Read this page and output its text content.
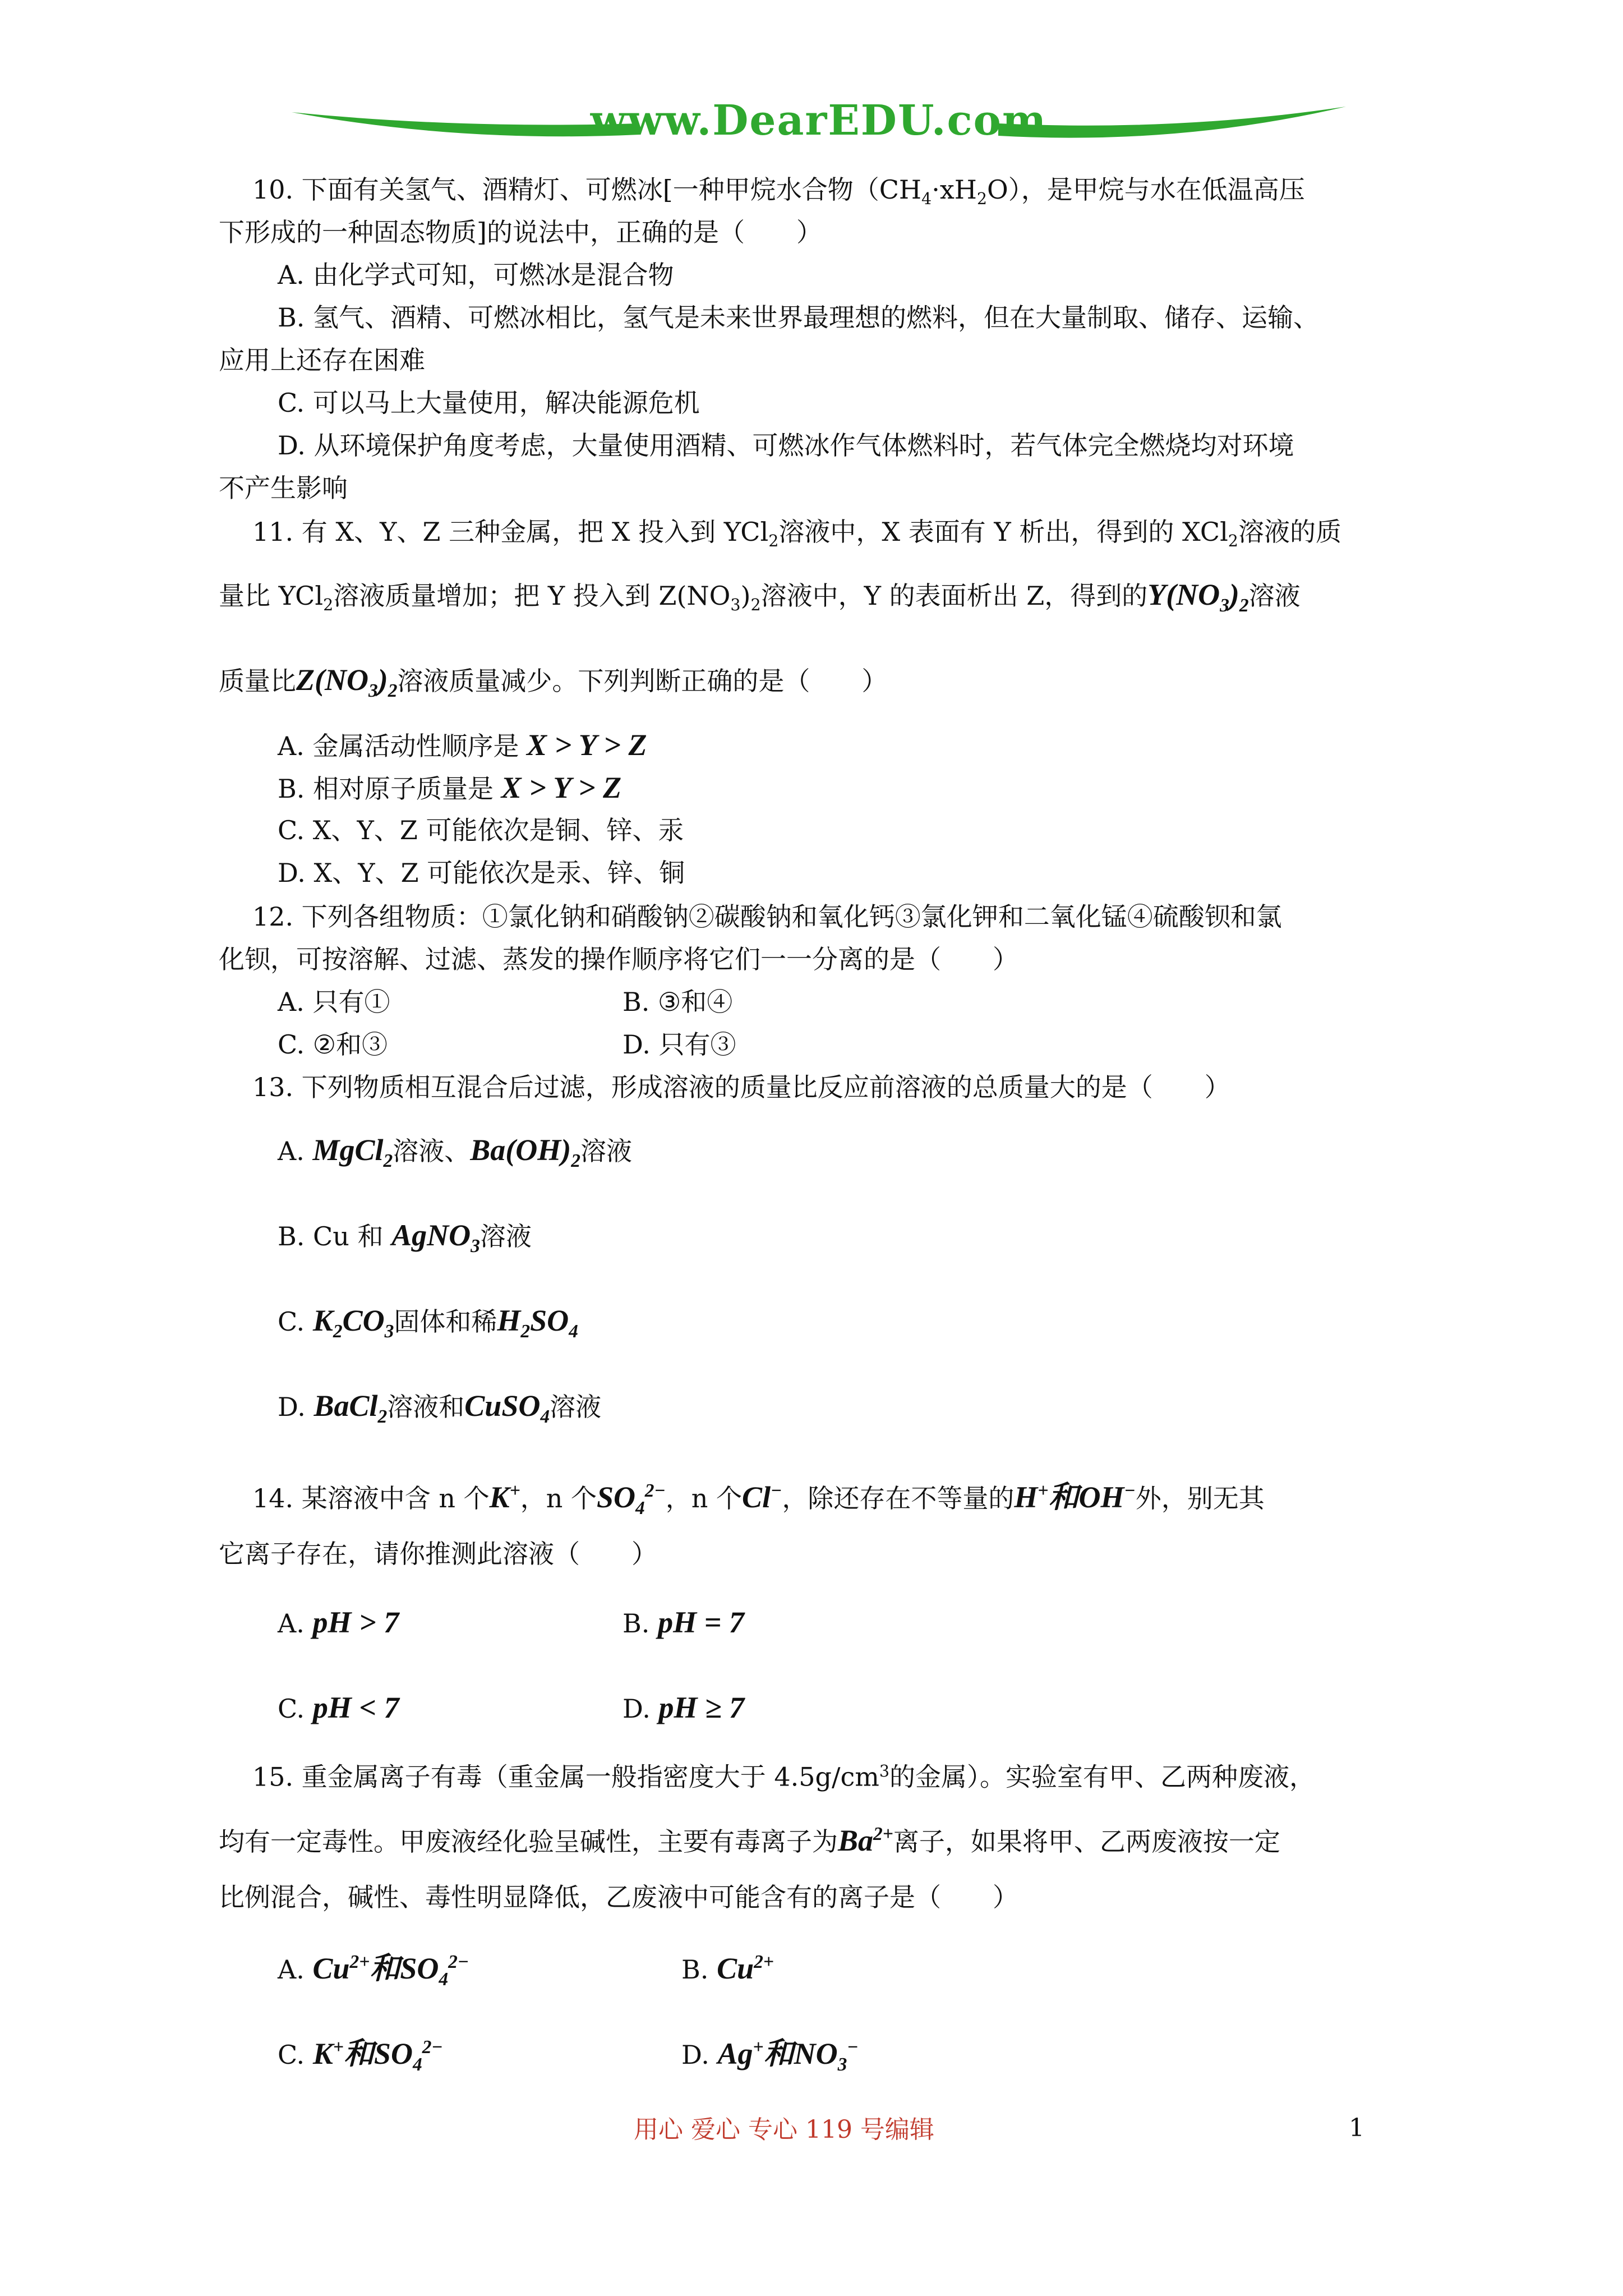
www.DearEDU.com
10. 下面有关氢气、酒精灯、可燃冰[一种甲烷水合物$(CH_4\cdot xH_2O)$，是甲烷与水在低温高压
下形成的一种固态物质]的说法中，正确的是（　　）
A. 由化学式可知，可燃冰是混合物
B. 氢气、酒精、可燃冰相比，氢气是未来世界最理想的燃料，但在大量制取、储存、运输、
应用上还存在困难
C. 可以马上大量使用，解决能源危机
D. 从环境保护角度考虑，大量使用酒精、可燃冰作气体燃料时，若气体完全燃烧均对环境
不产生影响
11. 有 X、Y、Z 三种金属，把 X 投入到 YCl$_2$溶液中，X 表面有 Y 析出，得到的 XCl$_2$溶液的质
量比 YCl$_2$溶液质量增加；把 Y 投入到 $Z(NO_3)_2$溶液中，Y 的表面析出 Z，得到的$Y(NO_3)_2$溶液
质量比$Z(NO_3)_2$溶液质量减少。下列判断正确的是（　　）
A. 金属活动性顺序是 X > Y > Z
B. 相对原子质量是 X > Y > Z
C. X、Y、Z 可能依次是铜、锌、汞
D. X、Y、Z 可能依次是汞、锌、铜
12. 下列各组物质：①氯化钠和硝酸钠②碳酸钠和氧化钙③氯化钾和二氧化锰④硫酸钡和氯
化钡，可按溶解、过滤、蒸发的操作顺序将它们一一分离的是（　　）
A. 只有①	B. ③和④
C. ②和③	D. 只有③
13. 下列物质相互混合后过滤，形成溶液的质量比反应前溶液的总质量大的是（　　）
A. MgCl$_2$溶液、$Ba(OH)_2$溶液
B. Cu 和 AgNO$_3$溶液
C. $K_2CO_3$固体和稀$H_2SO_4$
D. BaCl$_2$溶液和CuSO$_4$溶液
14. 某溶液中含 n 个K+，n 个$SO_4^{2-}$，n 个Cl−，除还存在不等量的H+和OH−外，别无其
它离子存在，请你推测此溶液（　　）
A. pH > 7	B. pH = 7
C. pH < 7	D. pH ≥ 7
15. 重金属离子有毒（重金属一般指密度大于 $4.5g/cm^3$的金属）。实验室有甲、乙两种废液，
均有一定毒性。甲废液经化验呈碱性，主要有毒离子为$Ba^{2+}$离子，如果将甲、乙两废液按一定
比例混合，碱性、毒性明显降低，乙废液中可能含有的离子是（　　）
A. $Cu^{2+}$和$SO_4^{2-}$	B. $Cu^{2+}$
C. K+和$SO_4^{2-}$	D. Ag+和$NO_3^-$
用心 爱心 专心 119 号编辑	1
